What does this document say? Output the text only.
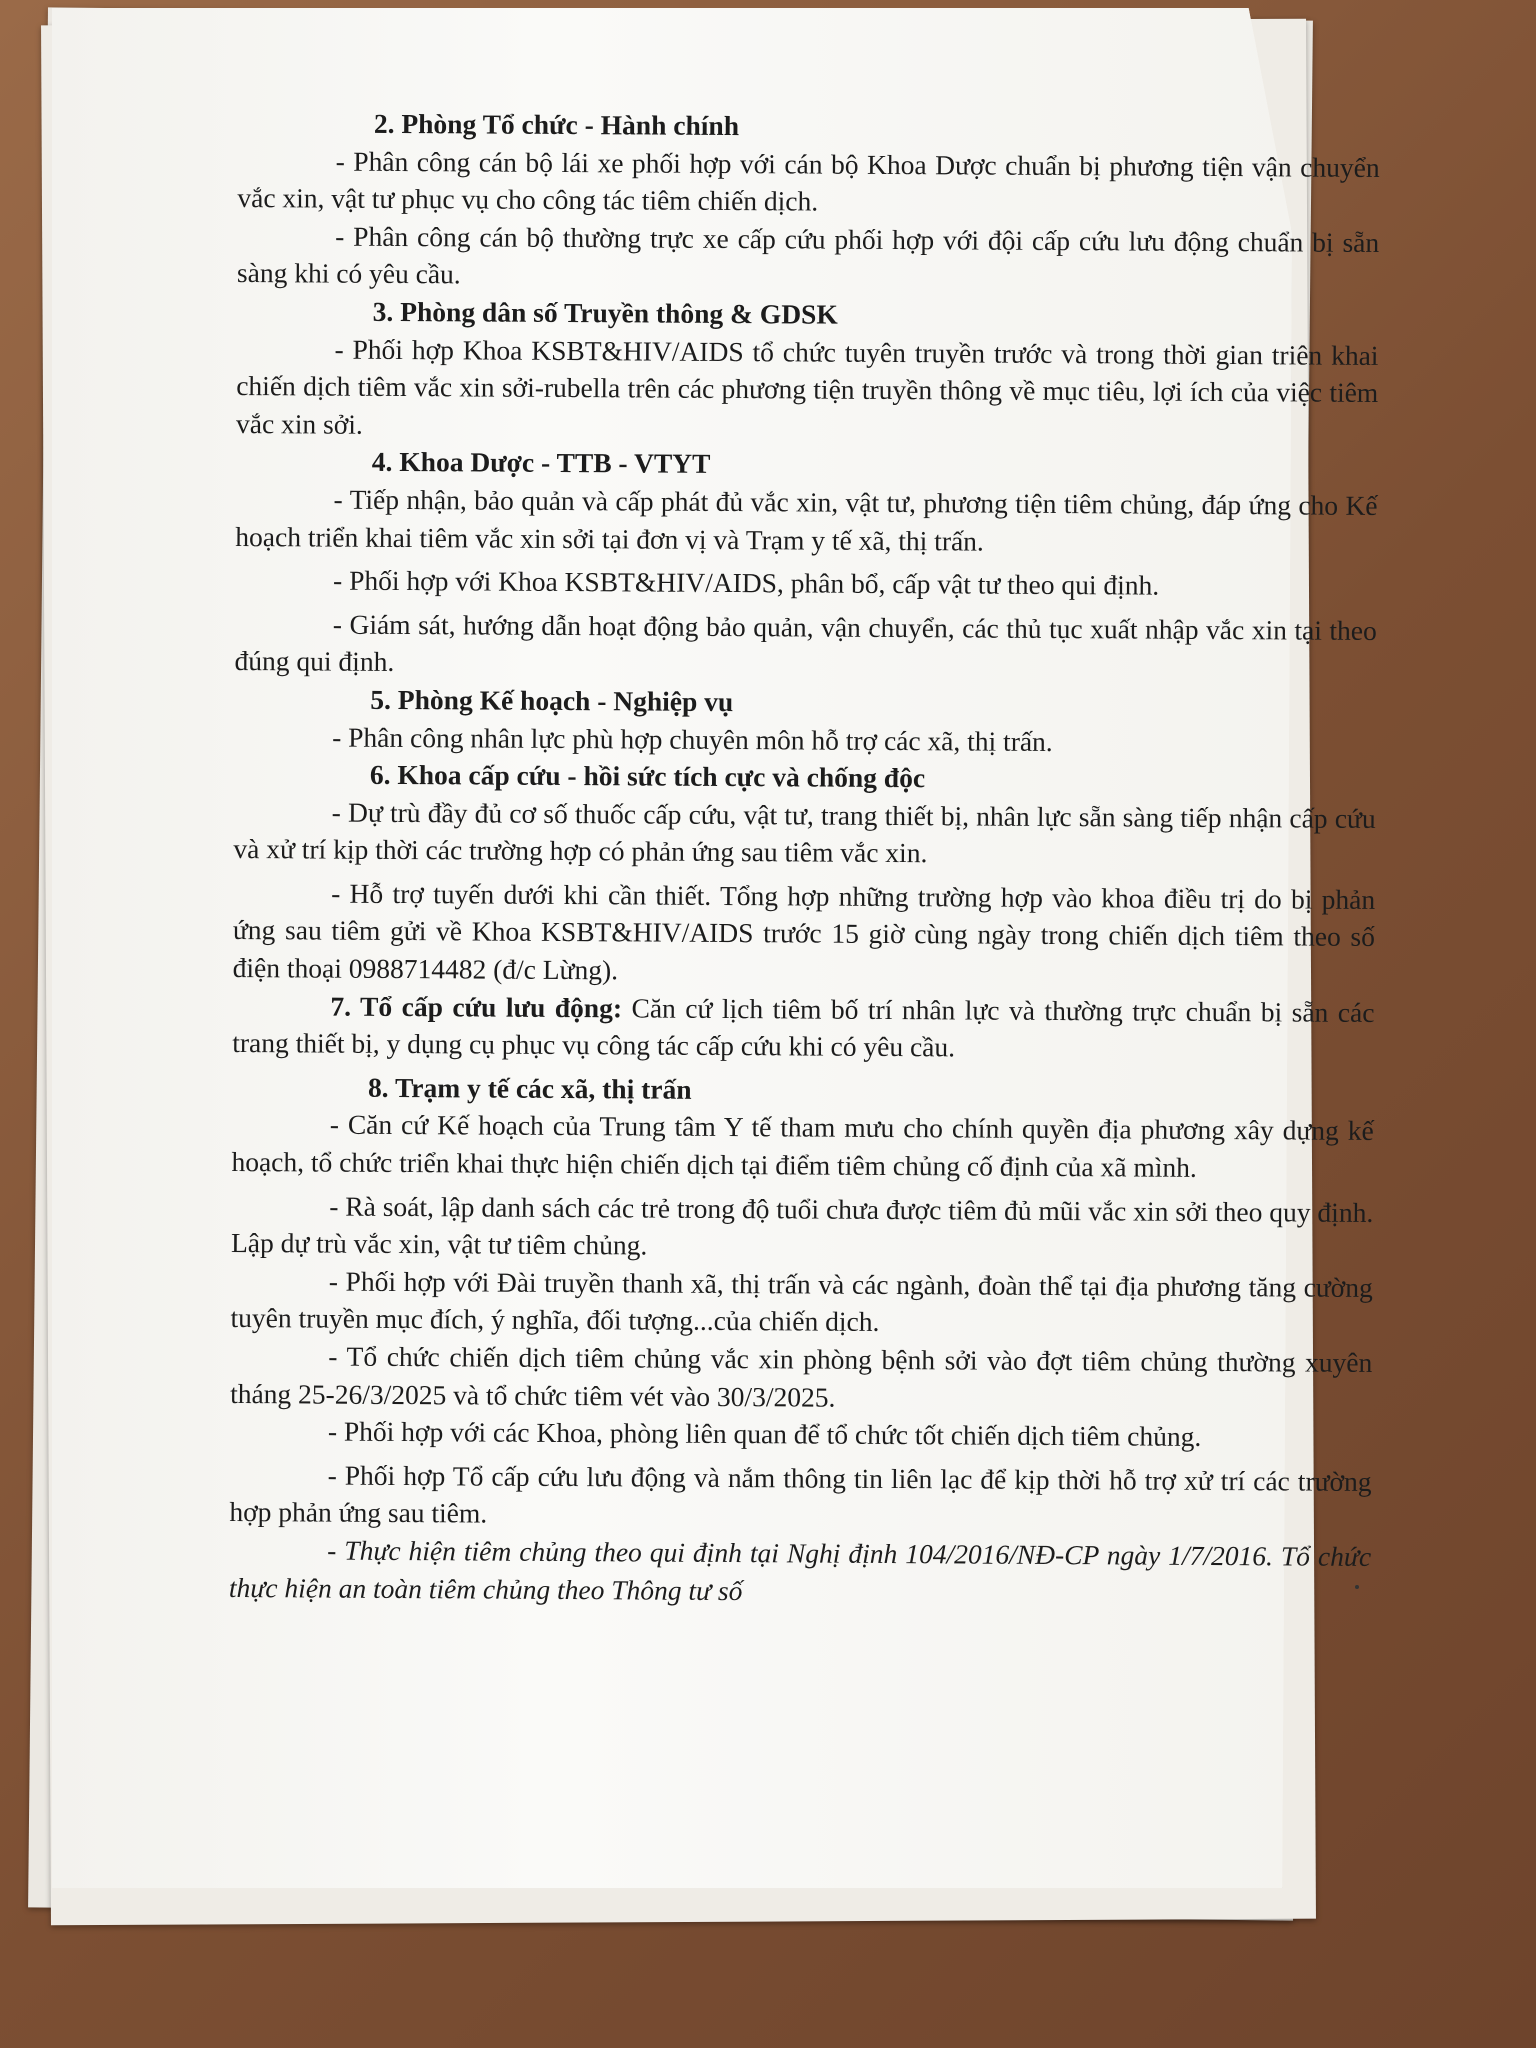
2. Phòng Tổ chức - Hành chính

- Phân công cán bộ lái xe phối hợp với cán bộ Khoa Dược chuẩn bị phương tiện vận chuyển vắc xin, vật tư phục vụ cho công tác tiêm chiến dịch.

- Phân công cán bộ thường trực xe cấp cứu phối hợp với đội cấp cứu lưu động chuẩn bị sẵn sàng khi có yêu cầu.

3. Phòng dân số Truyền thông & GDSK

- Phối hợp Khoa KSBT&HIV/AIDS tổ chức tuyên truyền trước và trong thời gian triên khai chiến dịch tiêm vắc xin sởi-rubella trên các phương tiện truyền thông về mục tiêu, lợi ích của việc tiêm vắc xin sởi.

4. Khoa Dược - TTB - VTYT

- Tiếp nhận, bảo quản và cấp phát đủ vắc xin, vật tư, phương tiện tiêm chủng, đáp ứng cho Kế hoạch triển khai tiêm vắc xin sởi tại đơn vị và Trạm y tế xã, thị trấn.

- Phối hợp với Khoa KSBT&HIV/AIDS, phân bổ, cấp vật tư theo qui định.

- Giám sát, hướng dẫn hoạt động bảo quản, vận chuyển, các thủ tục xuất nhập vắc xin tại theo đúng qui định.

5. Phòng Kế hoạch - Nghiệp vụ

- Phân công nhân lực phù hợp chuyên môn hỗ trợ các xã, thị trấn.

6. Khoa cấp cứu - hồi sức tích cực và chống độc

- Dự trù đầy đủ cơ số thuốc cấp cứu, vật tư, trang thiết bị, nhân lực sẵn sàng tiếp nhận cấp cứu và xử trí kịp thời các trường hợp có phản ứng sau tiêm vắc xin.

- Hỗ trợ tuyến dưới khi cần thiết. Tổng hợp những trường hợp vào khoa điều trị do bị phản ứng sau tiêm gửi về Khoa KSBT&HIV/AIDS trước 15 giờ cùng ngày trong chiến dịch tiêm theo số điện thoại 0988714482 (đ/c Lừng).

7. Tổ cấp cứu lưu động: Căn cứ lịch tiêm bố trí nhân lực và thường trực chuẩn bị sẵn các trang thiết bị, y dụng cụ phục vụ công tác cấp cứu khi có yêu cầu.

8. Trạm y tế các xã, thị trấn

- Căn cứ Kế hoạch của Trung tâm Y tế tham mưu cho chính quyền địa phương xây dựng kế hoạch, tổ chức triển khai thực hiện chiến dịch tại điểm tiêm chủng cố định của xã mình.

- Rà soát, lập danh sách các trẻ trong độ tuổi chưa được tiêm đủ mũi vắc xin sởi theo quy định. Lập dự trù vắc xin, vật tư tiêm chủng.

- Phối hợp với Đài truyền thanh xã, thị trấn và các ngành, đoàn thể tại địa phương tăng cường tuyên truyền mục đích, ý nghĩa, đối tượng...của chiến dịch.

- Tổ chức chiến dịch tiêm chủng vắc xin phòng bệnh sởi vào đợt tiêm chủng thường xuyên tháng 25-26/3/2025 và tổ chức tiêm vét vào 30/3/2025.

- Phối hợp với các Khoa, phòng liên quan để tổ chức tốt chiến dịch tiêm chủng.

- Phối hợp Tổ cấp cứu lưu động và nắm thông tin liên lạc để kịp thời hỗ trợ xử trí các trường hợp phản ứng sau tiêm.

- Thực hiện tiêm chủng theo qui định tại Nghị định 104/2016/NĐ-CP ngày 1/7/2016. Tổ chức thực hiện an toàn tiêm chủng theo Thông tư số
